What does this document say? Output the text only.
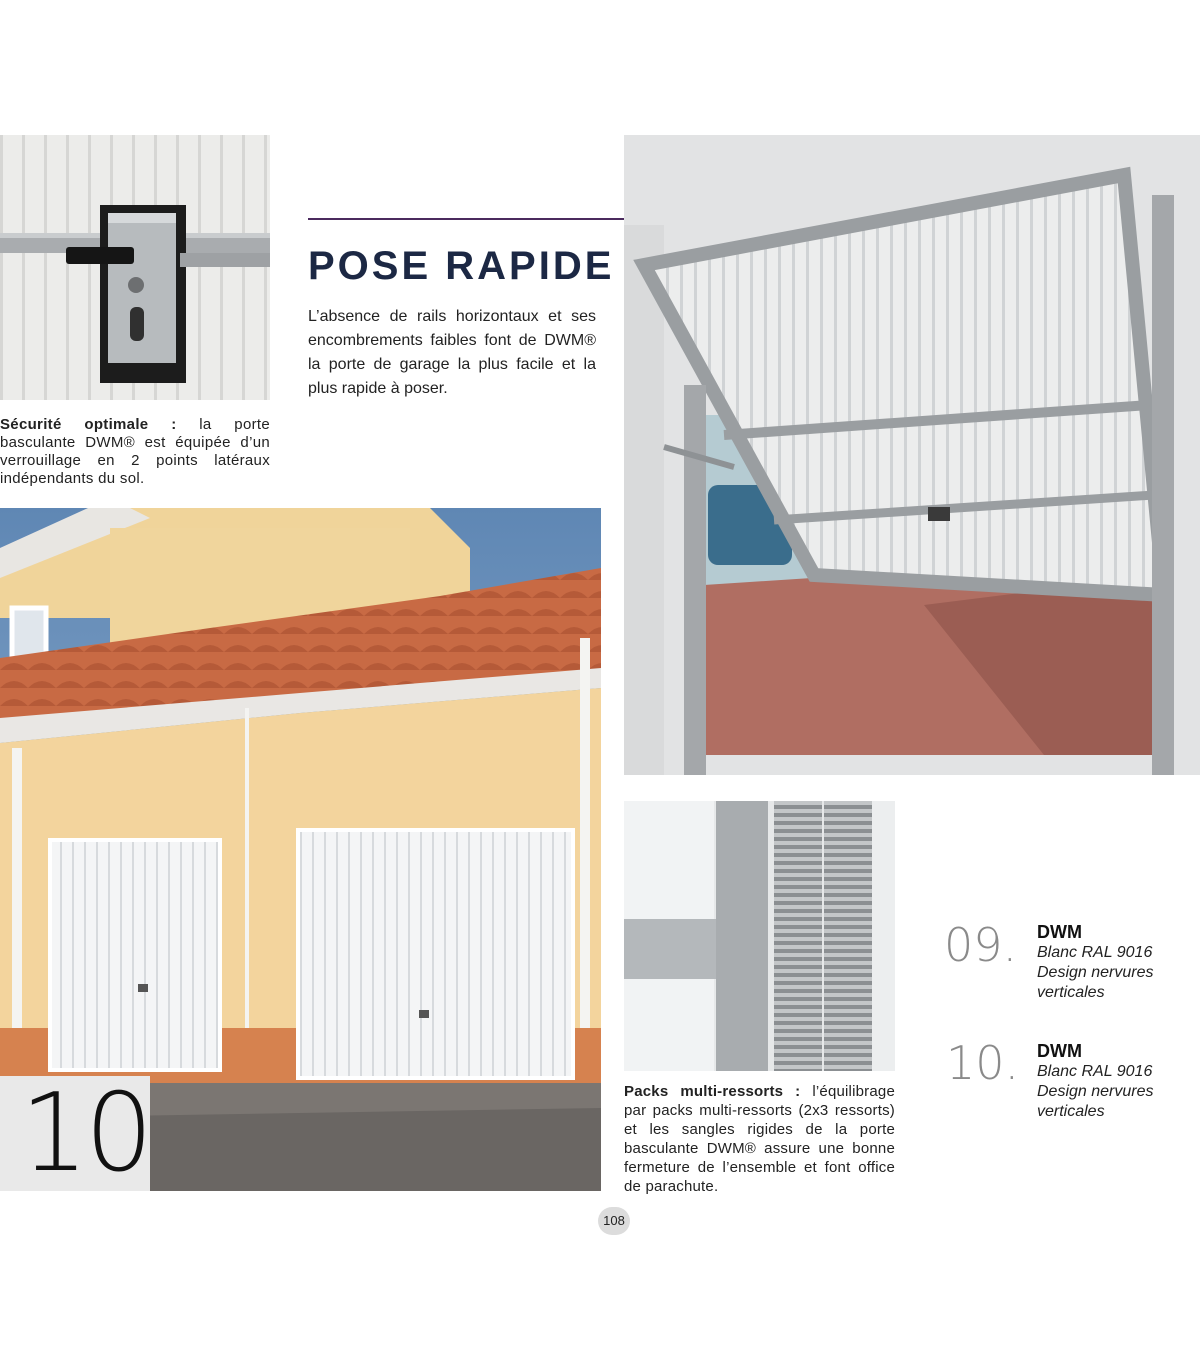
Sécurité optimale : la porte basculante DWM® est équipée d’un verrouillage en 2 points latéraux indépendants du sol.
POSE RAPIDE

L’absence de rails horizontaux et ses encombrements faibles font de DWM® la porte de garage la plus facile et la plus rapide à poser.

10	Packs multi-ressorts : l’équilibrage par packs multi-ressorts (2x3 ressorts) et les sangles rigides de la porte basculante DWM® assure une bonne fermeture de l’ensemble et font office de parachute.
09. DWM
Blanc RAL 9016
Design nervures
verticales
10. DWM
Blanc RAL 9016
Design nervures
verticales
108
